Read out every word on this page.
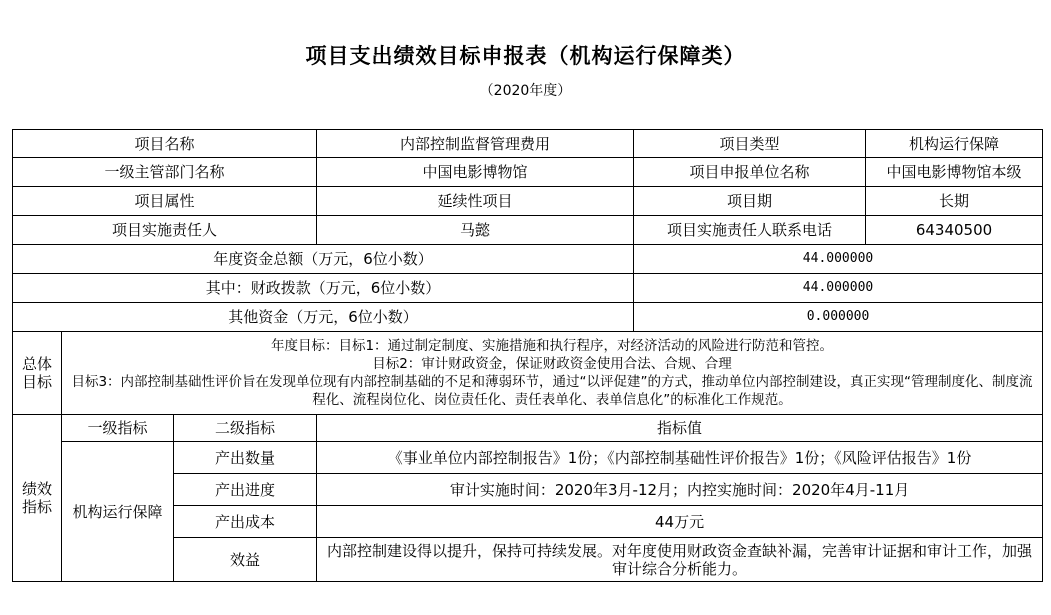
项目支出绩效目标申报表（机构运行保障类）
（2020年度）
项目名称			内部控制监督管理费用	项目类型	机构运行保障
一级主管部门名称			中国电影博物馆	项目申报单位名称	中国电影博物馆本级
项目属性			延续性项目	项目期	长期
项目实施责任人			马懿	项目实施责任人联系电话	64340500
年度资金总额（万元，6位小数）				44.000000	
其中：财政拨款（万元，6位小数）				44.000000	
其他资金（万元，6位小数）				0.000000	
总体目标	年度目标：目标1：通过制定制度、实施措施和执行程序，对经济活动的风险进行防范和管控。
目标2：审计财政资金，保证财政资金使用合法、合规、合理
目标3：内部控制基础性评价旨在发现单位现有内部控制基础的不足和薄弱环节，通过“以评促建”的方式，推动单位内部控制建设，真正实现“管理制度化、制度流程化、流程岗位化、岗位责任化、责任表单化、表单信息化”的标准化工作规范。				

绩效指标	一级指标	二级指标	指标值		
	机构运行保障	产出数量	《事业单位内部控制报告》1份；《内部控制基础性评价报告》1份；《风险评估报告》1份		
		产出进度	审计实施时间：2020年3月-12月；内控实施时间：2020年4月-11月		
		产出成本	44万元		
		效益	内部控制建设得以提升，保持可持续发展。对年度使用财政资金查缺补漏，完善审计证据和审计工作，加强审计综合分析能力。		
